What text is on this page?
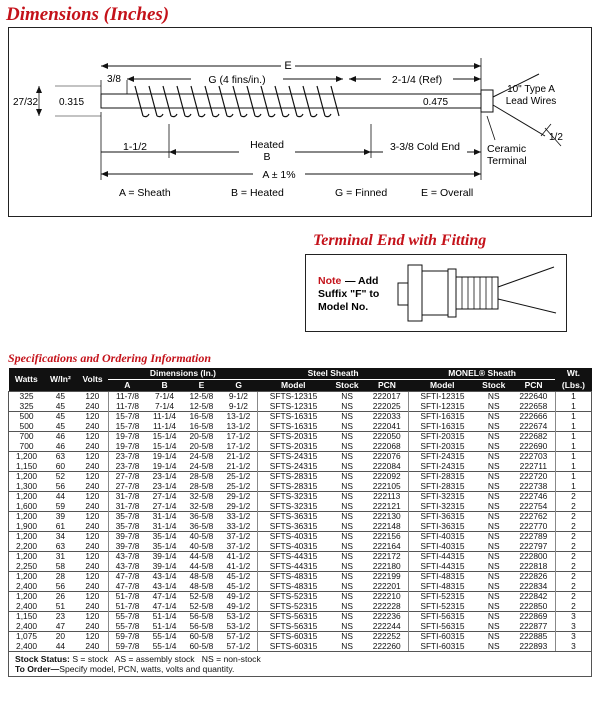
Dimensions (Inches)
E
3/8	G (4 fins/in.)	2-1/4 (Ref)
10" Type A
Lead Wires
1/2
27/32 0.315	0.475
1-1/2	Heated
B
3-3/8 Cold End	Ceramic
Terminal
A ± 1%
A = Sheath	B = Heated	G = Finned	E = Overall
Terminal End with Fitting
Note — Add
Suffix "F" to
Model No.
Specifications and Ordering Information
Watts	W/In²	Volts	Dimensions (In.)				Steel Sheath			MONEL® Sheath			Wt.
			A	B	E	G	Model	Stock	PCN	Model	Stock	PCN	(Lbs.)
325	45	120	11-7/8	7-1/4	12-5/8	9-1/2	SFTS-12315	NS	222017	SFTI-12315	NS	222640	1
325	45	240	11-7/8	7-1/4	12-5/8	9-1/2	SFTS-12315	NS	222025	SFTI-12315	NS	222658	1
500	45	120	15-7/8	11-1/4	16-5/8	13-1/2	SFTS-16315	NS	222033	SFTI-16315	NS	222666	1
500	45	240	15-7/8	11-1/4	16-5/8	13-1/2	SFTS-16315	NS	222041	SFTI-16315	NS	222674	1
700	46	120	19-7/8	15-1/4	20-5/8	17-1/2	SFTS-20315	NS	222050	SFTI-20315	NS	222682	1
700	46	240	19-7/8	15-1/4	20-5/8	17-1/2	SFTS-20315	NS	222068	SFTI-20315	NS	222690	1
1,200	63	120	23-7/8	19-1/4	24-5/8	21-1/2	SFTS-24315	NS	222076	SFTI-24315	NS	222703	1
1,150	60	240	23-7/8	19-1/4	24-5/8	21-1/2	SFTS-24315	NS	222084	SFTI-24315	NS	222711	1
1,200	52	120	27-7/8	23-1/4	28-5/8	25-1/2	SFTS-28315	NS	222092	SFTI-28315	NS	222720	1
1,300	56	240	27-7/8	23-1/4	28-5/8	25-1/2	SFTS-28315	NS	222105	SFTI-28315	NS	222738	1
1,200	44	120	31-7/8	27-1/4	32-5/8	29-1/2	SFTS-32315	NS	222113	SFTI-32315	NS	222746	2
1,600	59	240	31-7/8	27-1/4	32-5/8	29-1/2	SFTS-32315	NS	222121	SFTI-32315	NS	222754	2
1,200	39	120	35-7/8	31-1/4	36-5/8	33-1/2	SFTS-36315	NS	222130	SFTI-36315	NS	222762	2
1,900	61	240	35-7/8	31-1/4	36-5/8	33-1/2	SFTS-36315	NS	222148	SFTI-36315	NS	222770	2
1,200	34	120	39-7/8	35-1/4	40-5/8	37-1/2	SFTS-40315	NS	222156	SFTI-40315	NS	222789	2
2,200	63	240	39-7/8	35-1/4	40-5/8	37-1/2	SFTS-40315	NS	222164	SFTI-40315	NS	222797	2
1,200	31	120	43-7/8	39-1/4	44-5/8	41-1/2	SFTS-44315	NS	222172	SFTI-44315	NS	222800	2
2,250	58	240	43-7/8	39-1/4	44-5/8	41-1/2	SFTS-44315	NS	222180	SFTI-44315	NS	222818	2
1,200	28	120	47-7/8	43-1/4	48-5/8	45-1/2	SFTS-48315	NS	222199	SFTI-48315	NS	222826	2
2,400	56	240	47-7/8	43-1/4	48-5/8	45-1/2	SFTS-48315	NS	222201	SFTI-48315	NS	222834	2
1,200	26	120	51-7/8	47-1/4	52-5/8	49-1/2	SFTS-52315	NS	222210	SFTI-52315	NS	222842	2
2,400	51	240	51-7/8	47-1/4	52-5/8	49-1/2	SFTS-52315	NS	222228	SFTI-52315	NS	222850	2
1,150	23	120	55-7/8	51-1/4	56-5/8	53-1/2	SFTS-56315	NS	222236	SFTI-56315	NS	222869	3
2,400	47	240	55-7/8	51-1/4	56-5/8	53-1/2	SFTS-56315	NS	222244	SFTI-56315	NS	222877	3
1,075	20	120	59-7/8	55-1/4	60-5/8	57-1/2	SFTS-60315	NS	222252	SFTI-60315	NS	222885	3
2,400	44	240	59-7/8	55-1/4	60-5/8	57-1/2	SFTS-60315	NS	222260	SFTI-60315	NS	222893	3
Stock Status: S = stock   AS = assembly stock   NS = non-stock
To Order—Specify model, PCN, watts, volts and quantity.
